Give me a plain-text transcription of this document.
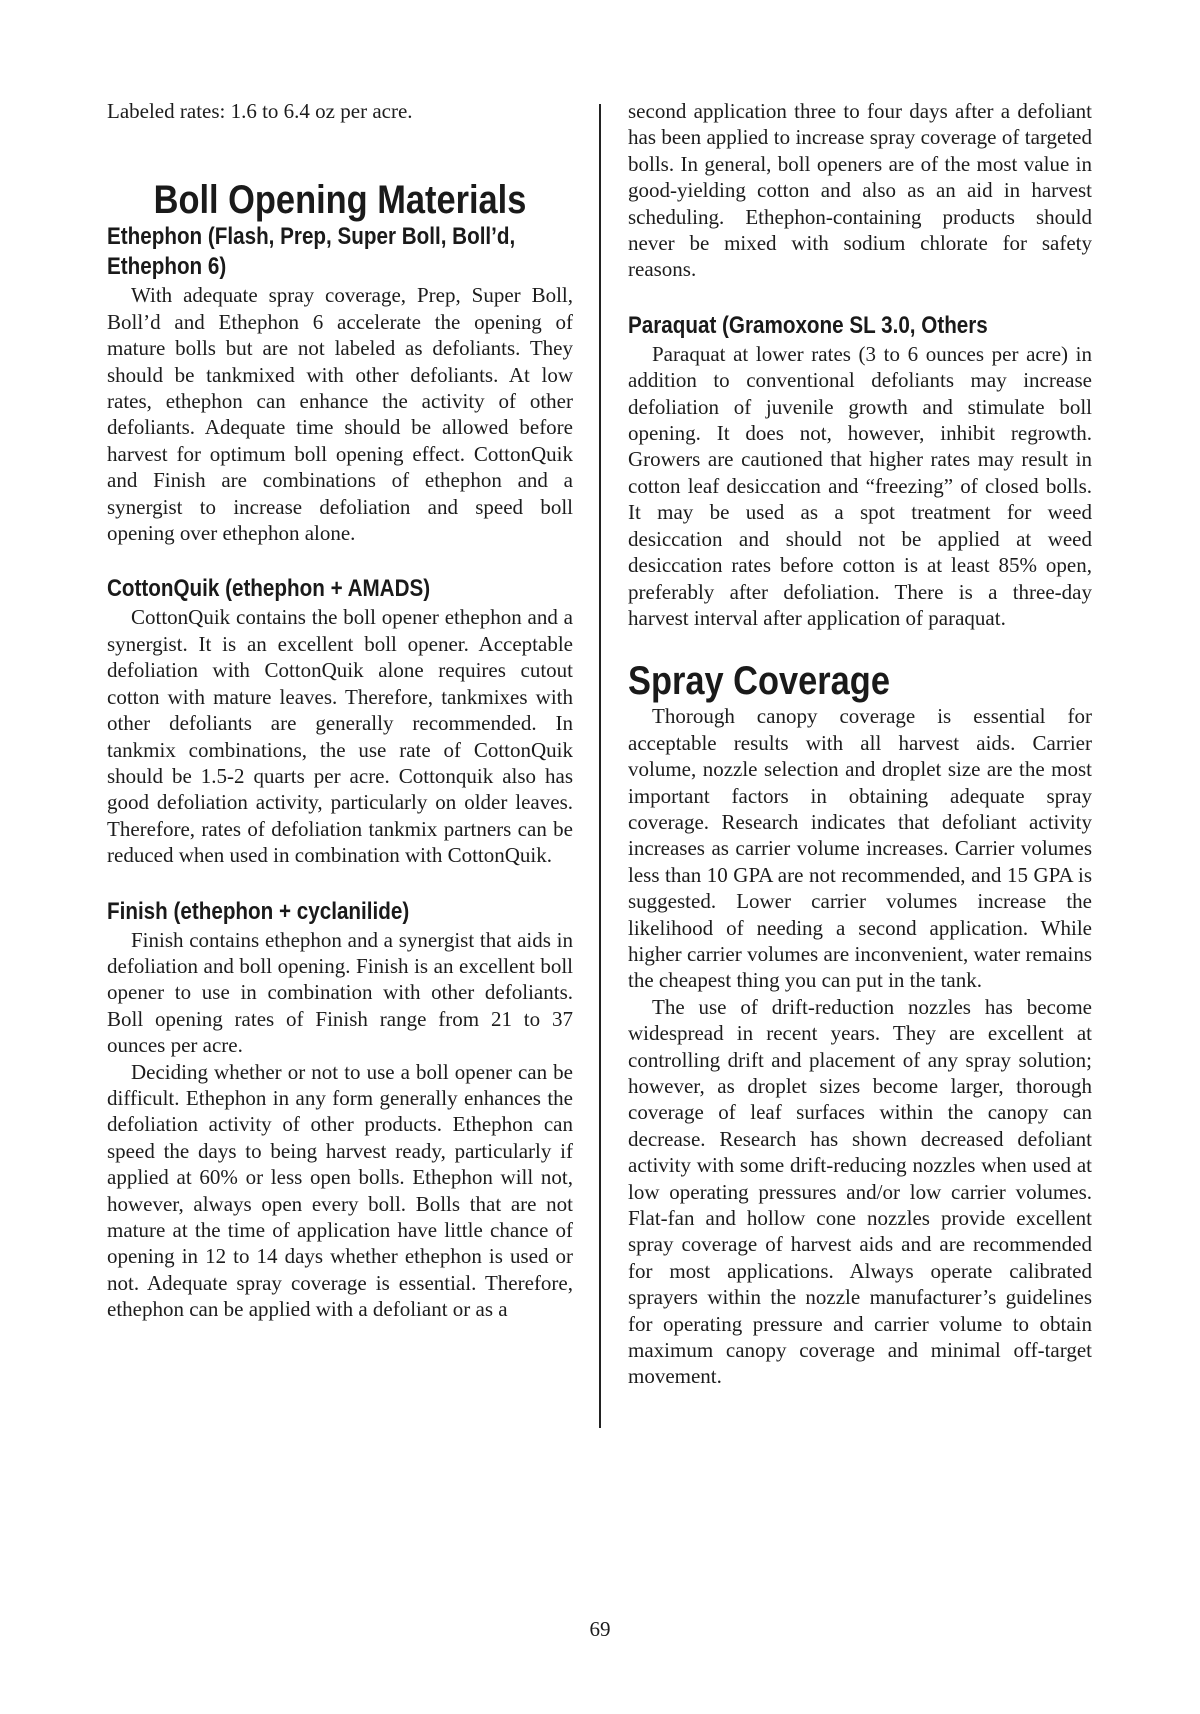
Labeled rates: 1.6 to 6.4 oz per acre.

Boll Opening Materials
Ethephon (Flash, Prep, Super Boll, Boll’d, Ethephon 6)

With adequate spray coverage, Prep, Super Boll, Boll’d and Ethephon 6 accelerate the opening of mature bolls but are not labeled as defoliants. They should be tankmixed with other defoliants. At low rates, ethephon can enhance the activity of other defoliants. Adequate time should be allowed before harvest for optimum boll opening effect. CottonQuik and Finish are combinations of ethephon and a synergist to increase defoliation and speed boll opening over ethephon alone.

CottonQuik (ethephon + AMADS)

CottonQuik contains the boll opener ethephon and a synergist. It is an excellent boll opener. Acceptable defoliation with CottonQuik alone requires cutout cotton with mature leaves. Therefore, tankmixes with other defoliants are generally recommended. In tankmix combinations, the use rate of CottonQuik should be 1.5-2 quarts per acre. Cottonquik also has good defoliation activity, particularly on older leaves. Therefore, rates of defoliation tankmix partners can be reduced when used in combination with CottonQuik.

Finish (ethephon + cyclanilide)

Finish contains ethephon and a synergist that aids in defoliation and boll opening. Finish is an excellent boll opener to use in combination with other defoliants. Boll opening rates of Finish range from 21 to 37 ounces per acre.

Deciding whether or not to use a boll opener can be difficult. Ethephon in any form generally enhances the defoliation activity of other products. Ethephon can speed the days to being harvest ready, particularly if applied at 60% or less open bolls. Ethephon will not, however, always open every boll. Bolls that are not mature at the time of application have little chance of opening in 12 to 14 days whether ethephon is used or not. Adequate spray coverage is essential. Therefore, ethephon can be applied with a defoliant or as a

second application three to four days after a defoliant has been applied to increase spray coverage of targeted bolls. In general, boll openers are of the most value in good-yielding cotton and also as an aid in harvest scheduling. Ethephon-containing products should never be mixed with sodium chlorate for safety reasons.

Paraquat (Gramoxone SL 3.0, Others

Paraquat at lower rates (3 to 6 ounces per acre) in addition to conventional defoliants may increase defoliation of juvenile growth and stimulate boll opening. It does not, however, inhibit regrowth. Growers are cautioned that higher rates may result in cotton leaf desiccation and “freezing” of closed bolls. It may be used as a spot treatment for weed desiccation and should not be applied at weed desiccation rates before cotton is at least 85% open, preferably after defoliation. There is a three-day harvest interval after application of paraquat.

Spray Coverage

Thorough canopy coverage is essential for acceptable results with all harvest aids. Carrier volume, nozzle selection and droplet size are the most important factors in obtaining adequate spray coverage. Research indicates that defoliant activity increases as carrier volume increases. Carrier volumes less than 10 GPA are not recommended, and 15 GPA is suggested. Lower carrier volumes increase the likelihood of needing a second application. While higher carrier volumes are inconvenient, water remains the cheapest thing you can put in the tank.

The use of drift-reduction nozzles has become widespread in recent years. They are excellent at controlling drift and placement of any spray solution; however, as droplet sizes become larger, thorough coverage of leaf surfaces within the canopy can decrease. Research has shown decreased defoliant activity with some drift-reducing nozzles when used at low operating pressures and/or low carrier volumes. Flat-fan and hollow cone nozzles provide excellent spray coverage of harvest aids and are recommended for most applications. Always operate calibrated sprayers within the nozzle manufacturer’s guidelines for operating pressure and carrier volume to obtain maximum canopy coverage and minimal off-target movement.

69
